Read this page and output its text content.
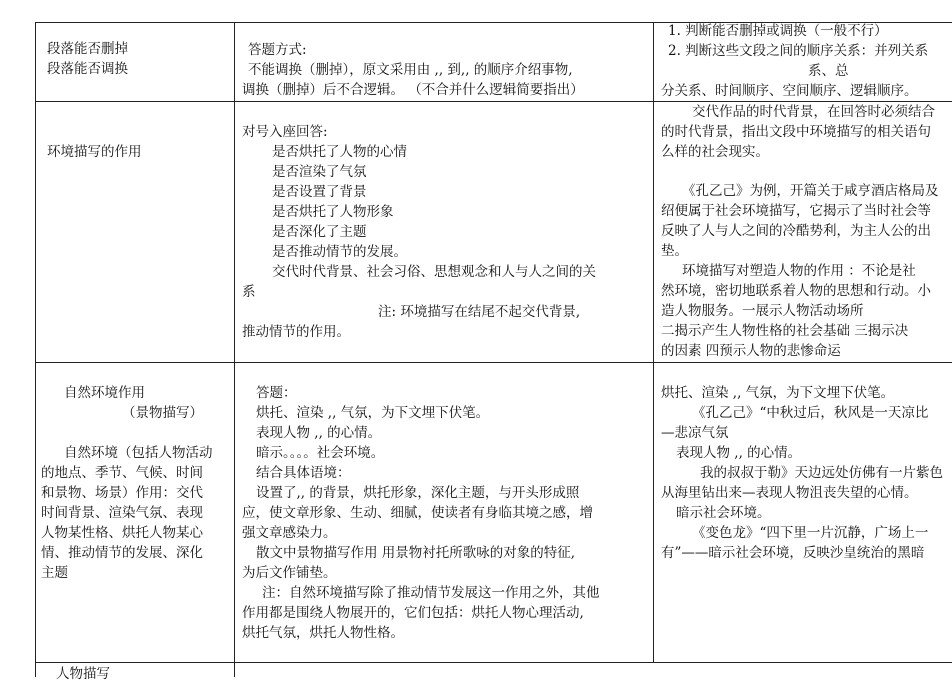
段落能否删掉
段落能否调换
答题方式:
不能调换（删掉），原文采用由 ,, 到,, 的顺序介绍事物,
调换（删掉）后不合逻辑。 （不合并什么逻辑简要指出）
1. 判断能否删掉或调换（一般不行）
2. 判断这些文段之间的顺序关系：并列关系
系、总
分关系、时间顺序、空间顺序、逻辑顺序。
环境描写的作用
对号入座回答:
是否烘托了人物的心情
是否渲染了气氛
是否设置了背景
是否烘托了人物形象
是否深化了主题
是否推动情节的发展。
交代时代背景、社会习俗、思想观念和人与人之间的关
系
注: 环境描写在结尾不起交代背景,
推动情节的作用。
交代作品的时代背景，在回答时必须结合
的时代背景，指出文段中环境描写的相关语句
么样的社会现实。
《孔乙己》为例，开篇关于咸亨酒店格局及
绍便属于社会环境描写，它揭示了当时社会等
反映了人与人之间的冷酷势利，为主人公的出
垫。
环境描写对塑造人物的作用 ：不论是社
然环境，密切地联系着人物的思想和行动。小
造人物服务。一展示人物活动场所
二揭示产生人物性格的社会基础 三揭示决
的因素 四预示人物的悲惨命运
自然环境作用
（景物描写）
自然环境（包括人物活动
的地点、季节、气候、时间
和景物、场景）作用：交代
时间背景、渲染气氛、表现
人物某性格、烘托人物某心
情、推动情节的发展、深化
主题
答题：
烘托、渲染 ,, 气氛，为下文埋下伏笔。
表现人物 ,, 的心情。
暗示。。。。社会环境。
结合具体语境：
设置了,, 的背景，烘托形象，深化主题，与开头形成照
应，使文章形象、生动、细腻，使读者有身临其境之感，增
强文章感染力。
散文中景物描写作用 用景物衬托所歌咏的对象的特征,
为后文作铺垫。
注：自然环境描写除了推动情节发展这一作用之外，其他
作用都是围绕人物展开的，它们包括：烘托人物心理活动,
烘托气氛，烘托人物性格。
烘托、渲染 ,, 气氛，为下文埋下伏笔。
《孔乙己》“中秋过后，秋风是一天凉比
—悲凉气氛
表现人物 ,, 的心情。
我的叔叔于勒》天边远处仿佛有一片紫色
从海里钻出来—表现人物沮丧失望的心情。
暗示社会环境。
《变色龙》“四下里一片沉静，广场上一
有”——暗示社会环境，反映沙皇统治的黑暗
人物描写
